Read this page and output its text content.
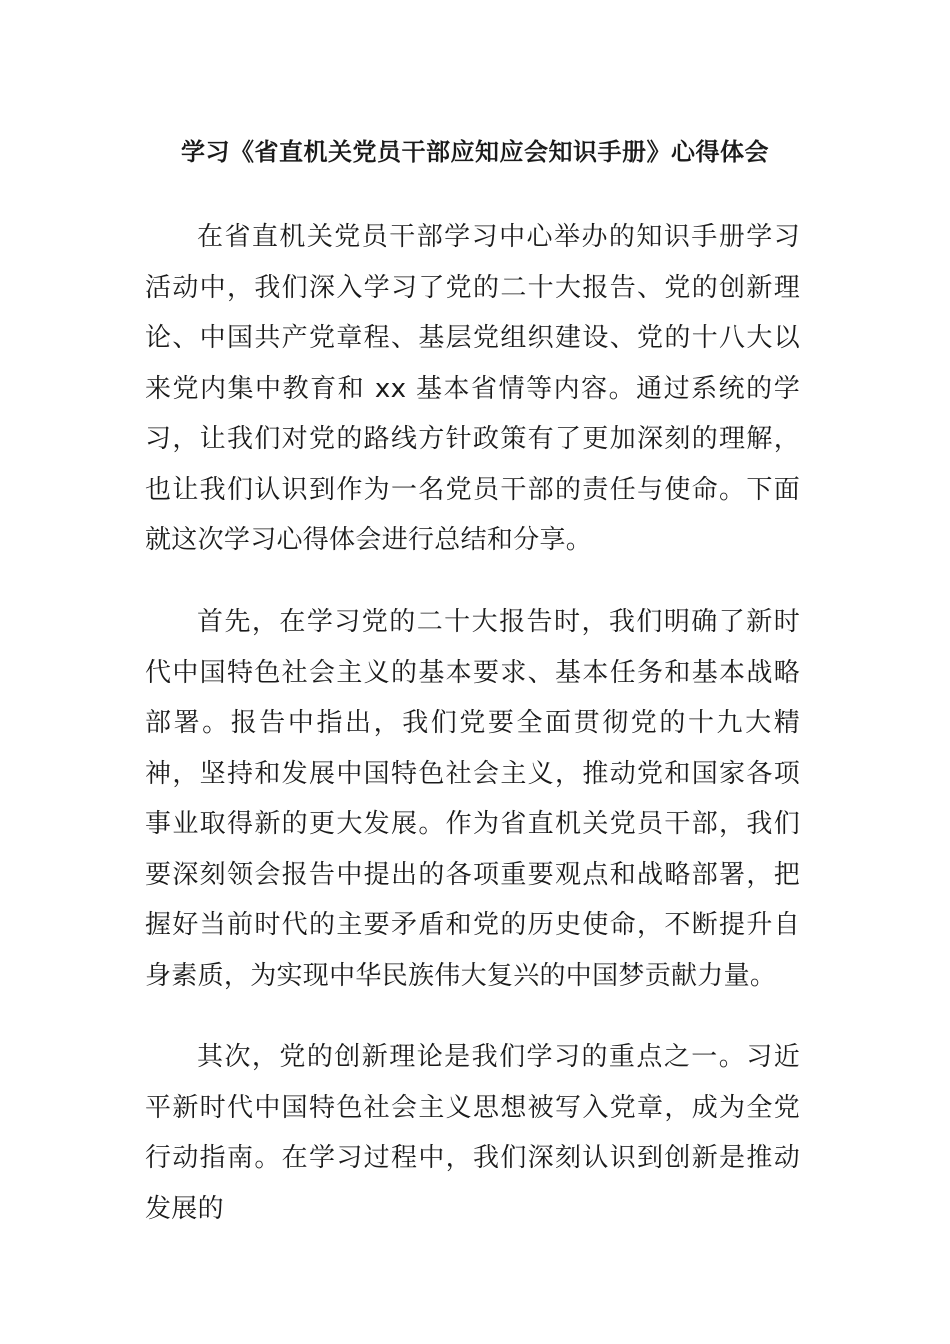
学习《省直机关党员干部应知应会知识手册》心得体会

在省直机关党员干部学习中心举办的知识手册学习活动中，我们深入学习了党的二十大报告、党的创新理论、中国共产党章程、基层党组织建设、党的十八大以来党内集中教育和 xx 基本省情等内容。通过系统的学习，让我们对党的路线方针政策有了更加深刻的理解，也让我们认识到作为一名党员干部的责任与使命。下面就这次学习心得体会进行总结和分享。

首先，在学习党的二十大报告时，我们明确了新时代中国特色社会主义的基本要求、基本任务和基本战略部署。报告中指出，我们党要全面贯彻党的十九大精神，坚持和发展中国特色社会主义，推动党和国家各项事业取得新的更大发展。作为省直机关党员干部，我们要深刻领会报告中提出的各项重要观点和战略部署，把握好当前时代的主要矛盾和党的历史使命，不断提升自身素质，为实现中华民族伟大复兴的中国梦贡献力量。

其次，党的创新理论是我们学习的重点之一。习近平新时代中国特色社会主义思想被写入党章，成为全党行动指南。在学习过程中，我们深刻认识到创新是推动发展的
